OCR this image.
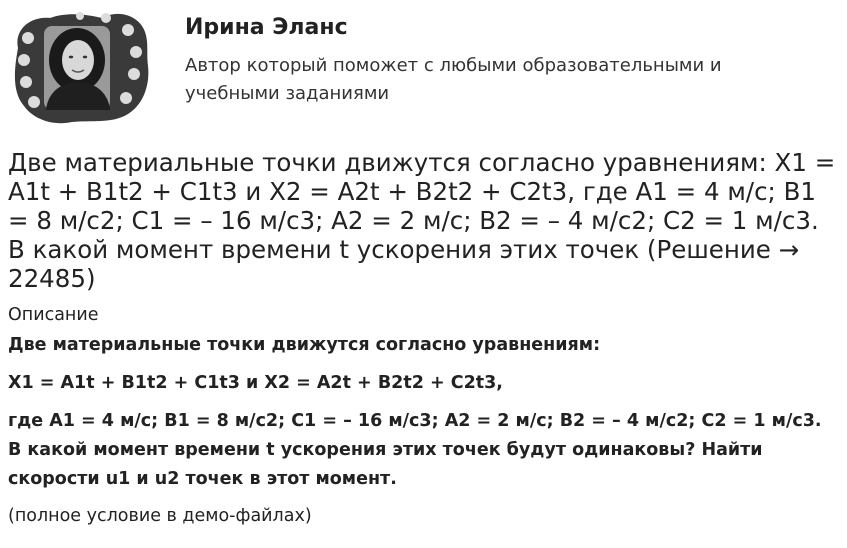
Ирина Эланс
Автор который поможет с любыми образовательными и учебными заданиями
Две материальные точки движутся согласно уравнениям: X1 = A1t + B1t2 + C1t3 и X2 = A2t + B2t2 + C2t3, где A1 = 4 м/с; B1 = 8 м/с2; C1 = – 16 м/с3; A2 = 2 м/с; B2 = – 4 м/с2; C2 = 1 м/с3. В какой момент времени t ускорения этих точек (Решение → 22485)
Описание

Две материальные точки движутся согласно уравнениям:

X1 = A1t + B1t2 + C1t3 и X2 = A2t + B2t2 + C2t3,

где A1 = 4 м/с; B1 = 8 м/с2; C1 = – 16 м/с3; A2 = 2 м/с; B2 = – 4 м/с2; C2 = 1 м/с3. В какой момент времени t ускорения этих точек будут одинаковы? Найти скорости u1 и u2 точек в этот момент.

(полное условие в демо-файлах)
